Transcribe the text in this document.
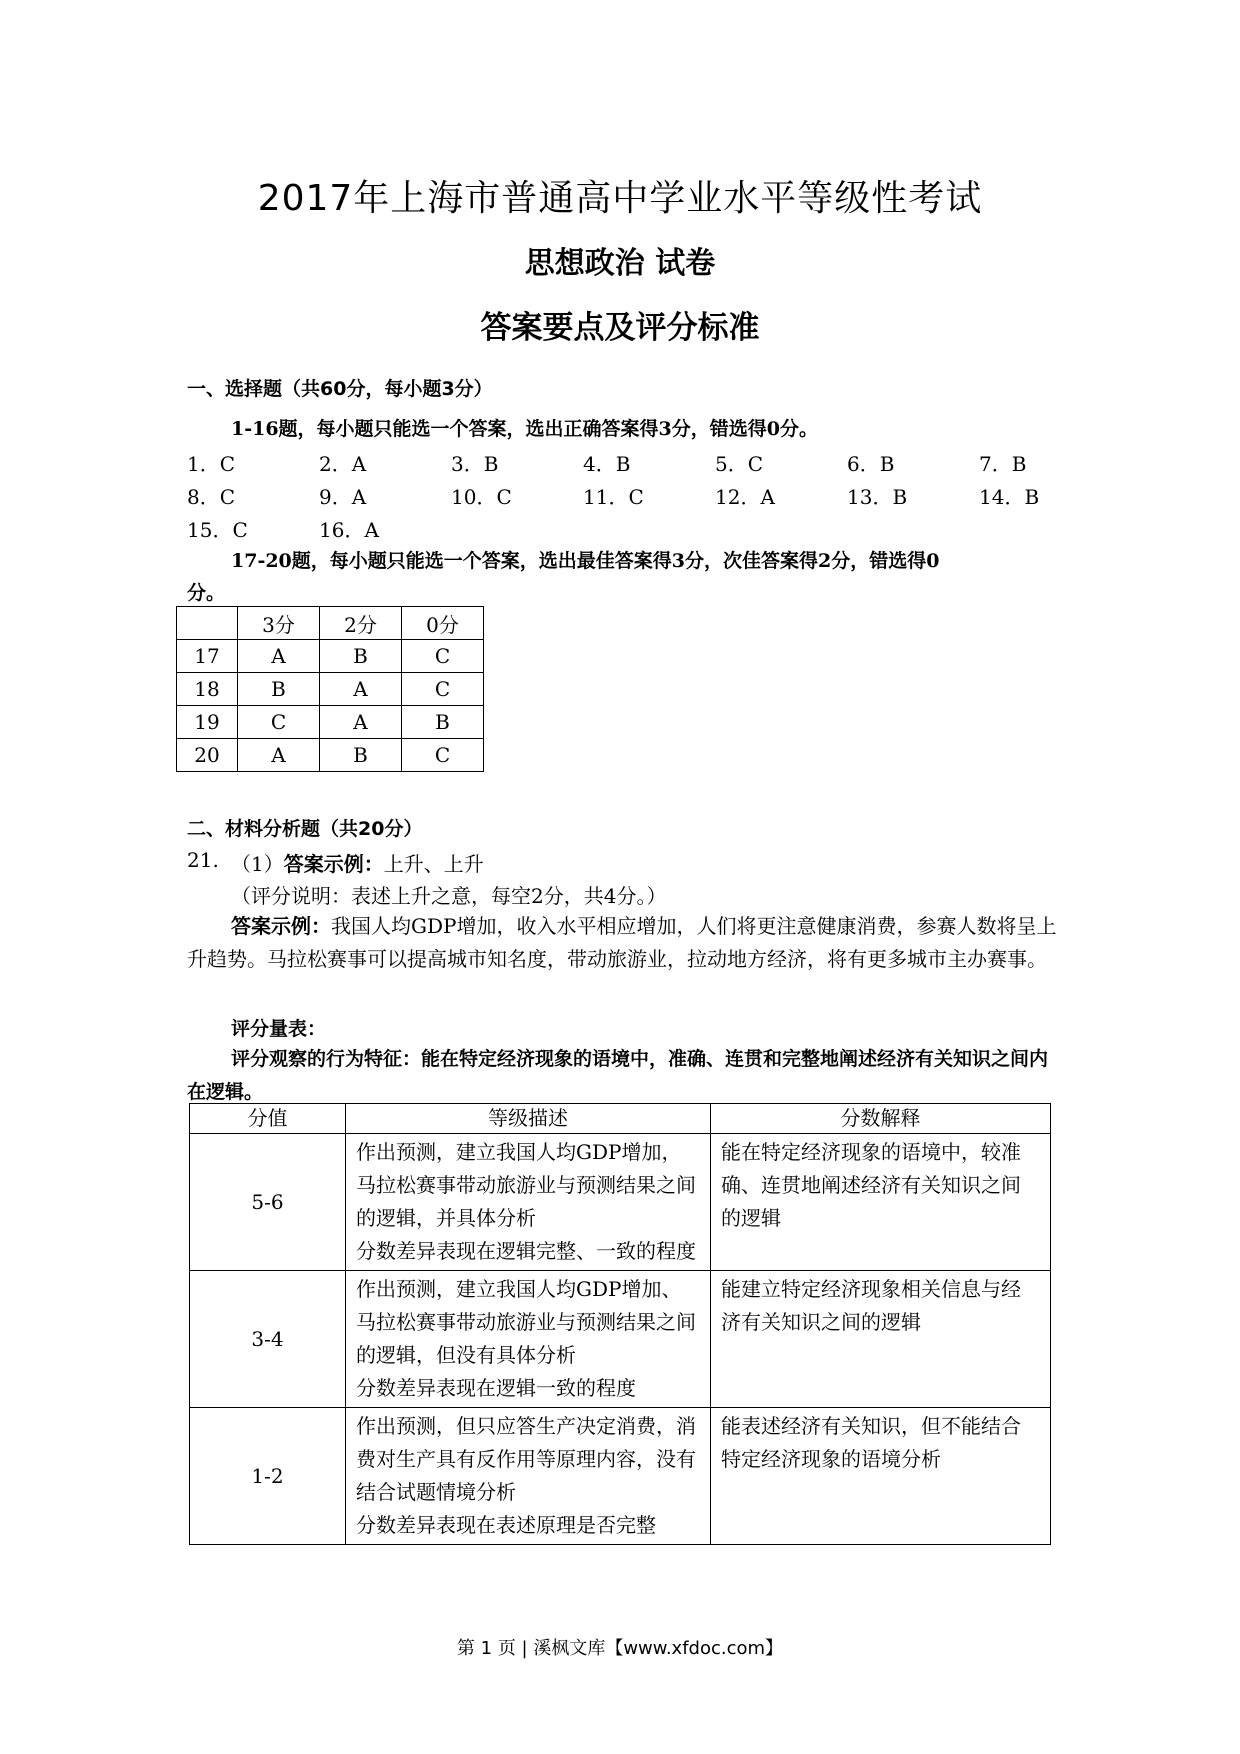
2017年上海市普通高中学业水平等级性考试
思想政治 试卷
答案要点及评分标准
一、选择题（共60分，每小题3分）
1-16题，每小题只能选一个答案，选出正确答案得3分，错选得0分。
1．C	2．A	3．B	4．B	5．C	6．B	7．B
8．C	9．A	10．C	11．C	12．A	13．B	14．B
15．C	16．A
17-20题，每小题只能选一个答案，选出最佳答案得3分，次佳答案得2分，错选得0
分。
	3分	2分	0分
17	A	B	C
18	B	A	C
19	C	A	B
20	A	B	C
二、材料分析题（共20分）
21. （1）答案示例：上升、上升
（评分说明：表述上升之意，每空2分，共4分。）
答案示例：我国人均GDP增加，收入水平相应增加，人们将更注意健康消费，参赛人数将呈上升趋势。马拉松赛事可以提高城市知名度，带动旅游业，拉动地方经济，将有更多城市主办赛事。
评分量表：
评分观察的行为特征：能在特定经济现象的语境中，准确、连贯和完整地阐述经济有关知识之间内在逻辑。
分值	等级描述	分数解释
5-6	作出预测，建立我国人均GDP增加，马拉松赛事带动旅游业与预测结果之间的逻辑，并具体分析
分数差异表现在逻辑完整、一致的程度	能在特定经济现象的语境中，较准确、连贯地阐述经济有关知识之间的逻辑
3-4	作出预测，建立我国人均GDP增加、马拉松赛事带动旅游业与预测结果之间的逻辑，但没有具体分析
分数差异表现在逻辑一致的程度	能建立特定经济现象相关信息与经济有关知识之间的逻辑
1-2	作出预测，但只应答生产决定消费，消费对生产具有反作用等原理内容，没有结合试题情境分析
分数差异表现在表述原理是否完整	能表述经济有关知识，但不能结合特定经济现象的语境分析
第 1 页 | 溪枫文库【www.xfdoc.com】
